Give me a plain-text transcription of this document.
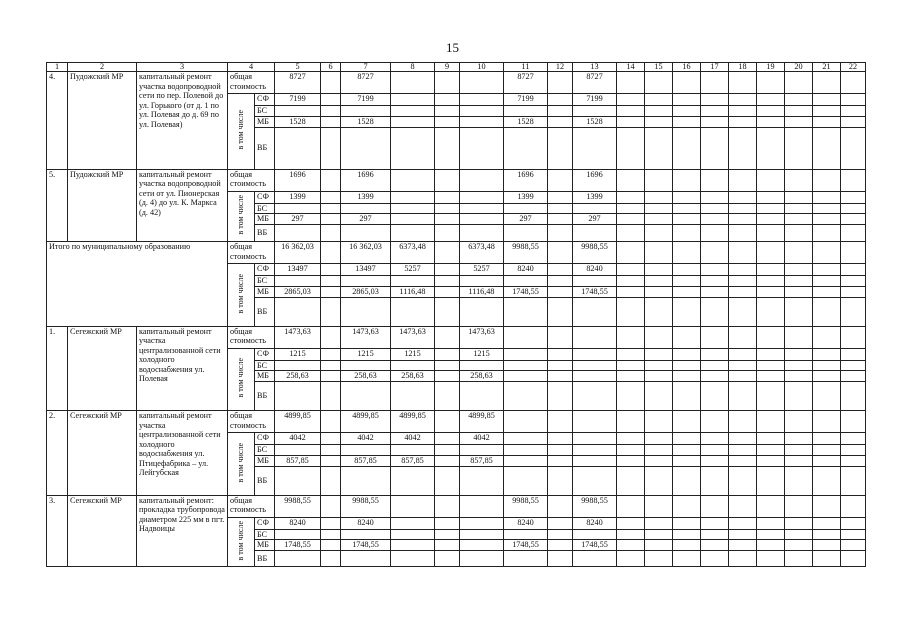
15
1	2	3	4		5	6	7	8	9	10	11	12	13	14	15	16	17	18	19	20	21	22
4.	Пудожский МР	капитальный ремонт участка водопроводной сети по пер. Полевой до ул. Горького (от д. 1 по ул. Полевая до д. 69 по ул. Полевая)	общая стоимость		8727		8727				8727		8727									
			в том числе	СФ	7199		7199				7199		7199									
				БС																		
				МБ	1528		1528				1528		1528									
				ВБ																		
5.	Пудожский МР	капитальный ремонт участка водопроводной сети от ул. Пионерская (д. 4) до ул. К. Маркса (д. 42)	общая стоимость		1696		1696				1696		1696									
			в том числе	СФ	1399		1399				1399		1399									
				БС																		
				МБ	297		297				297		297									
				ВБ																		
Итого по муниципальному образованию			общая стоимость		16 362,03		16 362,03	6373,48		6373,48	9988,55		9988,55									
			в том числе	СФ	13497		13497	5257		5257	8240		8240									
				БС																		
				МБ	2865,03		2865,03	1116,48		1116,48	1748,55		1748,55									
				ВБ																		
1.	Сегежский МР	капитальный ремонт участка централизованной сети холодного водоснабжения ул. Полевая	общая стоимость		1473,63		1473,63	1473,63		1473,63												
			в том числе	СФ	1215		1215	1215		1215												
				БС																		
				МБ	258,63		258,63	258,63		258,63												
				ВБ																		
2.	Сегежский МР	капитальный ремонт участка централизованной сети холодного водоснабжения ул. Птицефабрика – ул. Лейгубская	общая стоимость		4899,85		4899,85	4899,85		4899,85												
			в том числе	СФ	4042		4042	4042		4042												
				БС																		
				МБ	857,85		857,85	857,85		857,85												
				ВБ																		
3.	Сегежский МР	капитальный ремонт: прокладка трубопровода диаметром 225 мм в пгт. Надвоицы	общая стоимость		9988,55		9988,55				9988,55		9988,55									
			в том числе	СФ	8240		8240				8240		8240									
				БС																		
				МБ	1748,55		1748,55				1748,55		1748,55									
				ВБ																		
